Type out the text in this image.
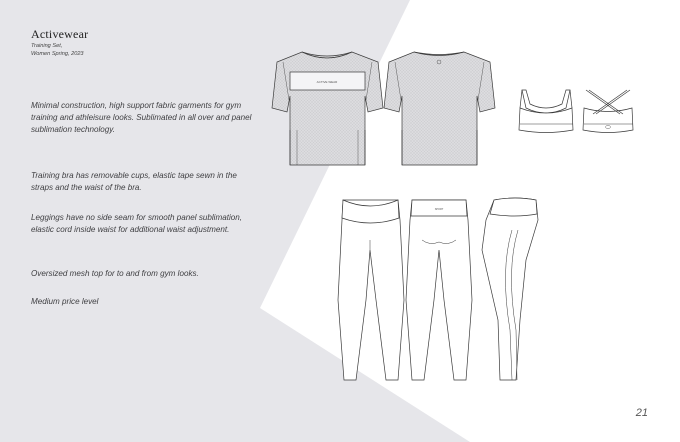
Activewear
Training Set,
Women Spring, 2023

Minimal construction, high support fabric garments for gym training and athleisure looks. Sublimated in all over and panel sublimation technology.

Training bra has removable cups, elastic tape sewn in the straps and the waist of the bra.

Leggings have no side seam for smooth panel sublimation, elastic cord inside waist for additional waist adjustment.

Oversized mesh top for to and from gym looks.

Medium price level

ACTIVE WEAR
SPORT
21
